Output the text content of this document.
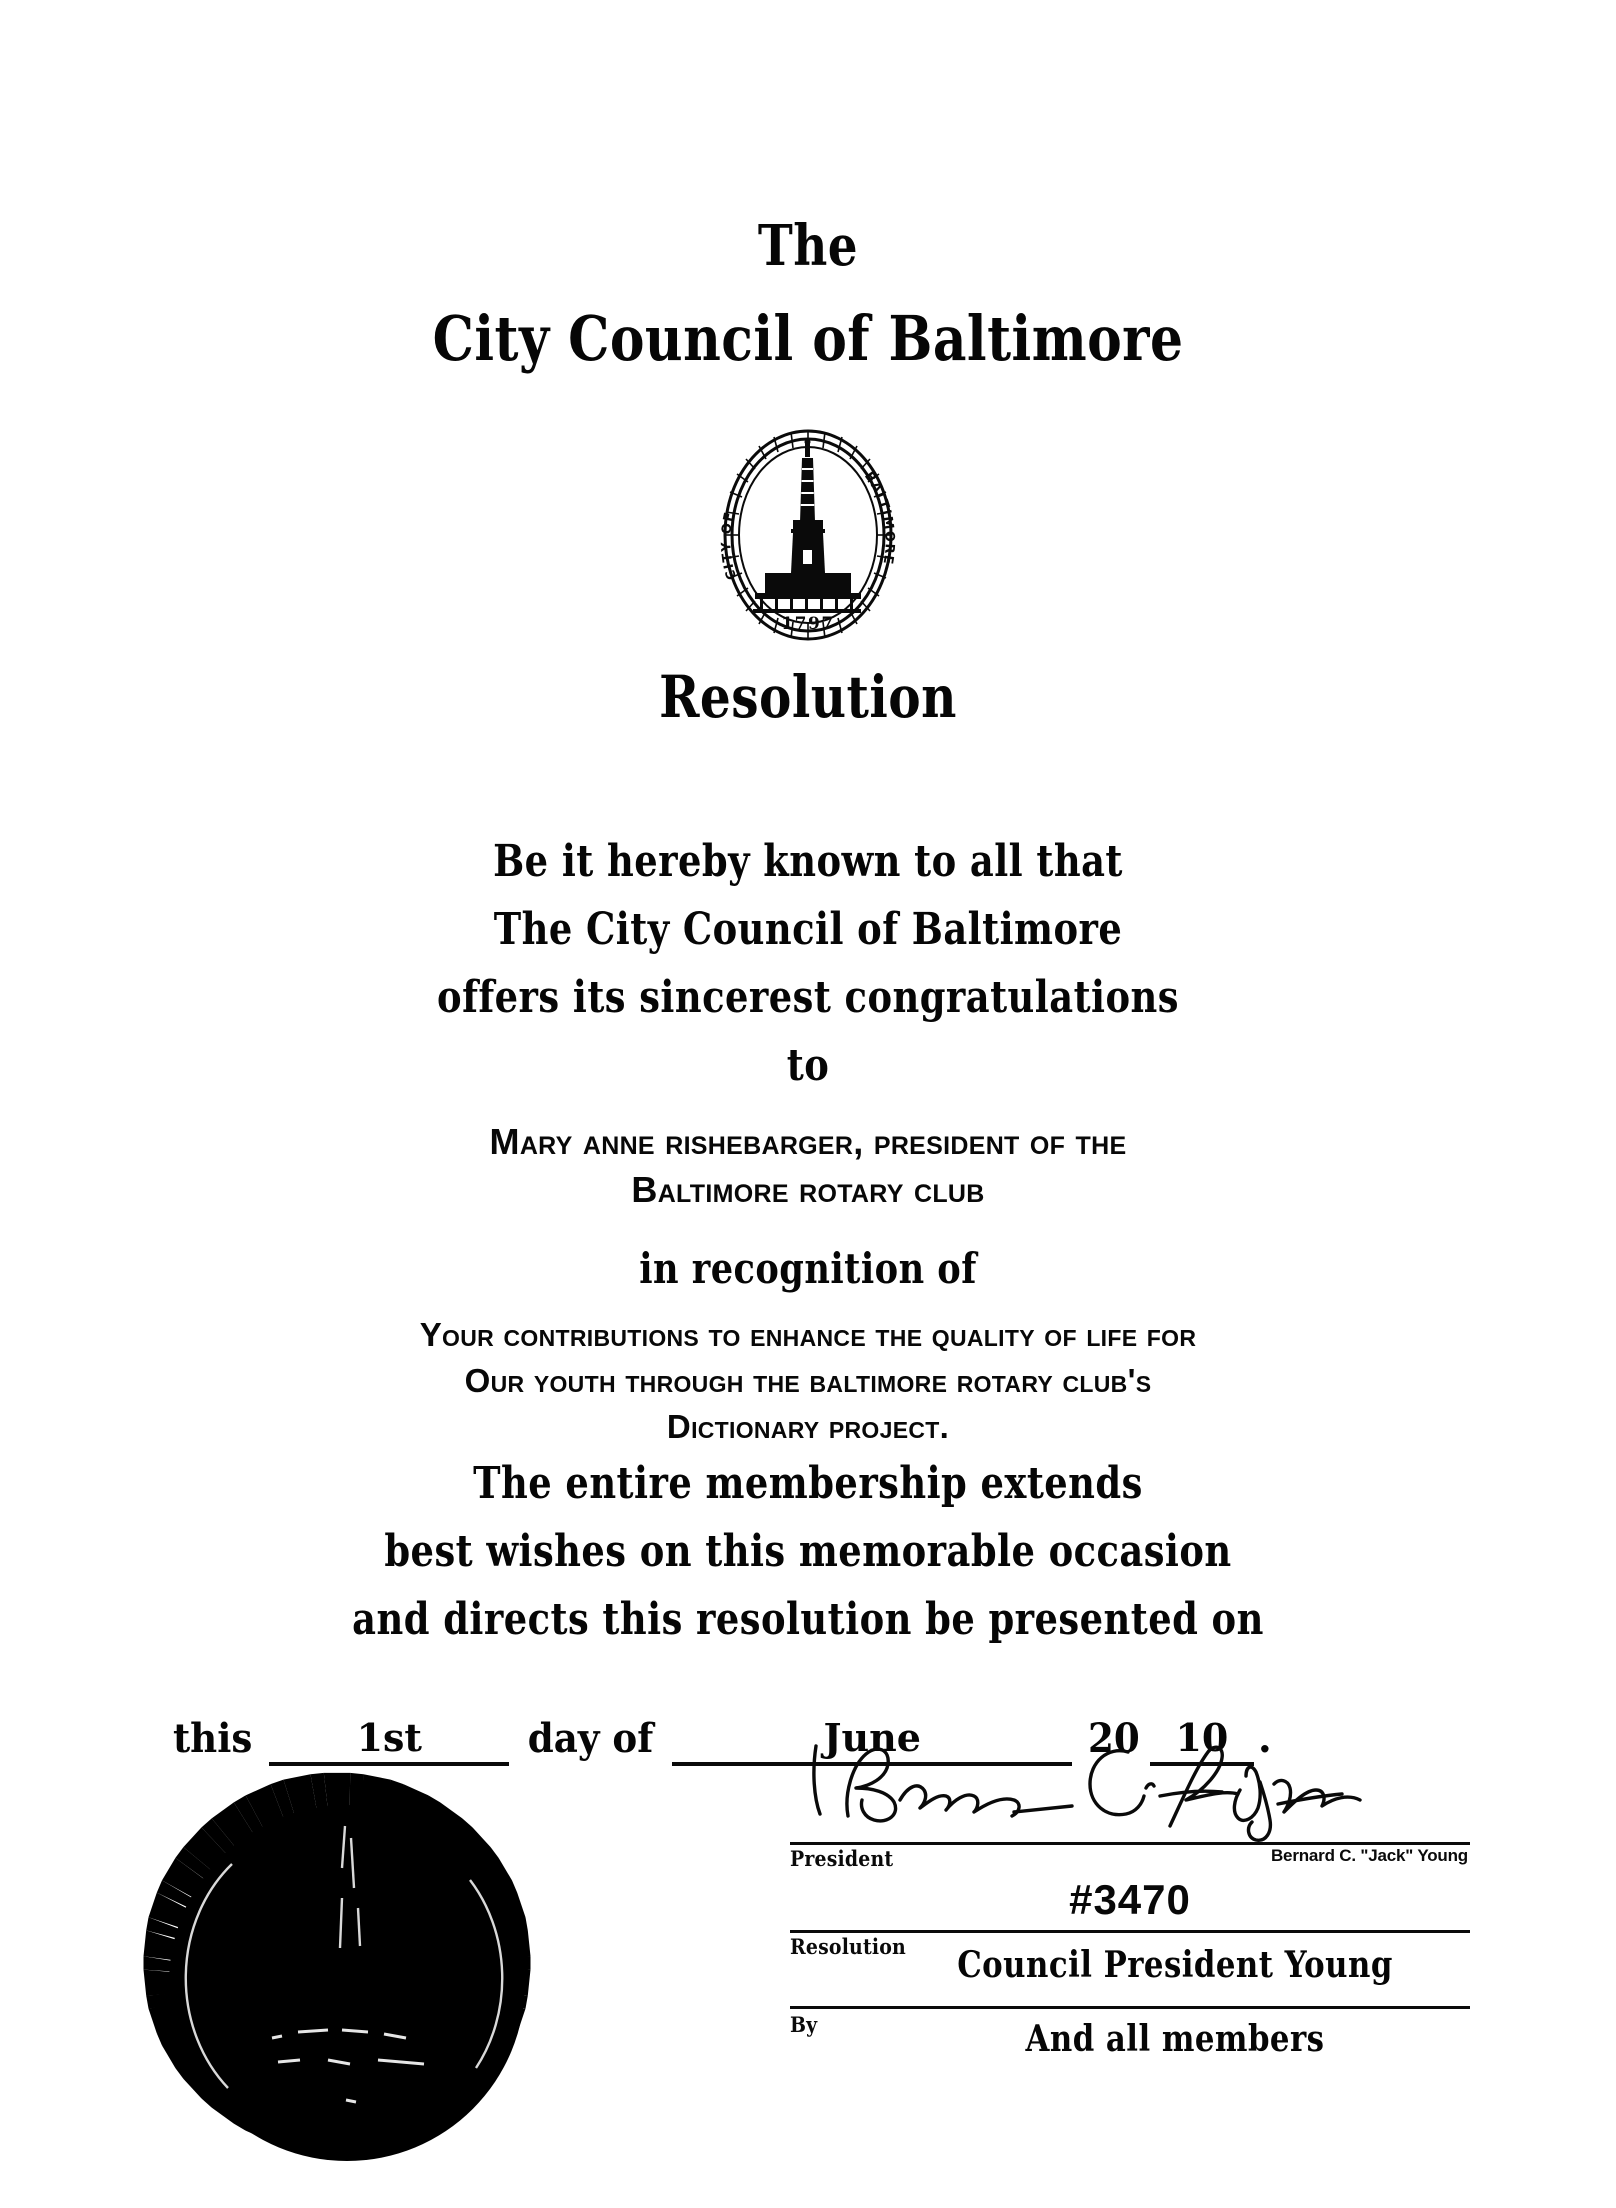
The
City Council of Baltimore
CITY OF
BALTIMORE
1797
Resolution

Be it hereby known to all that

The City Council of Baltimore

offers its sincerest congratulations

to

Mary anne rishebarger, president of the

Baltimore rotary club

in recognition of

Your contributions to enhance the quality of life for

Our youth through the baltimore rotary club's

Dictionary project.

The entire membership extends

best wishes on this memorable occasion

and directs this resolution be presented on

this	1st	day of	June	20 10 .
President	Bernard C. "Jack" Young
#3470
Resolution	Council President Young
By	And all members
